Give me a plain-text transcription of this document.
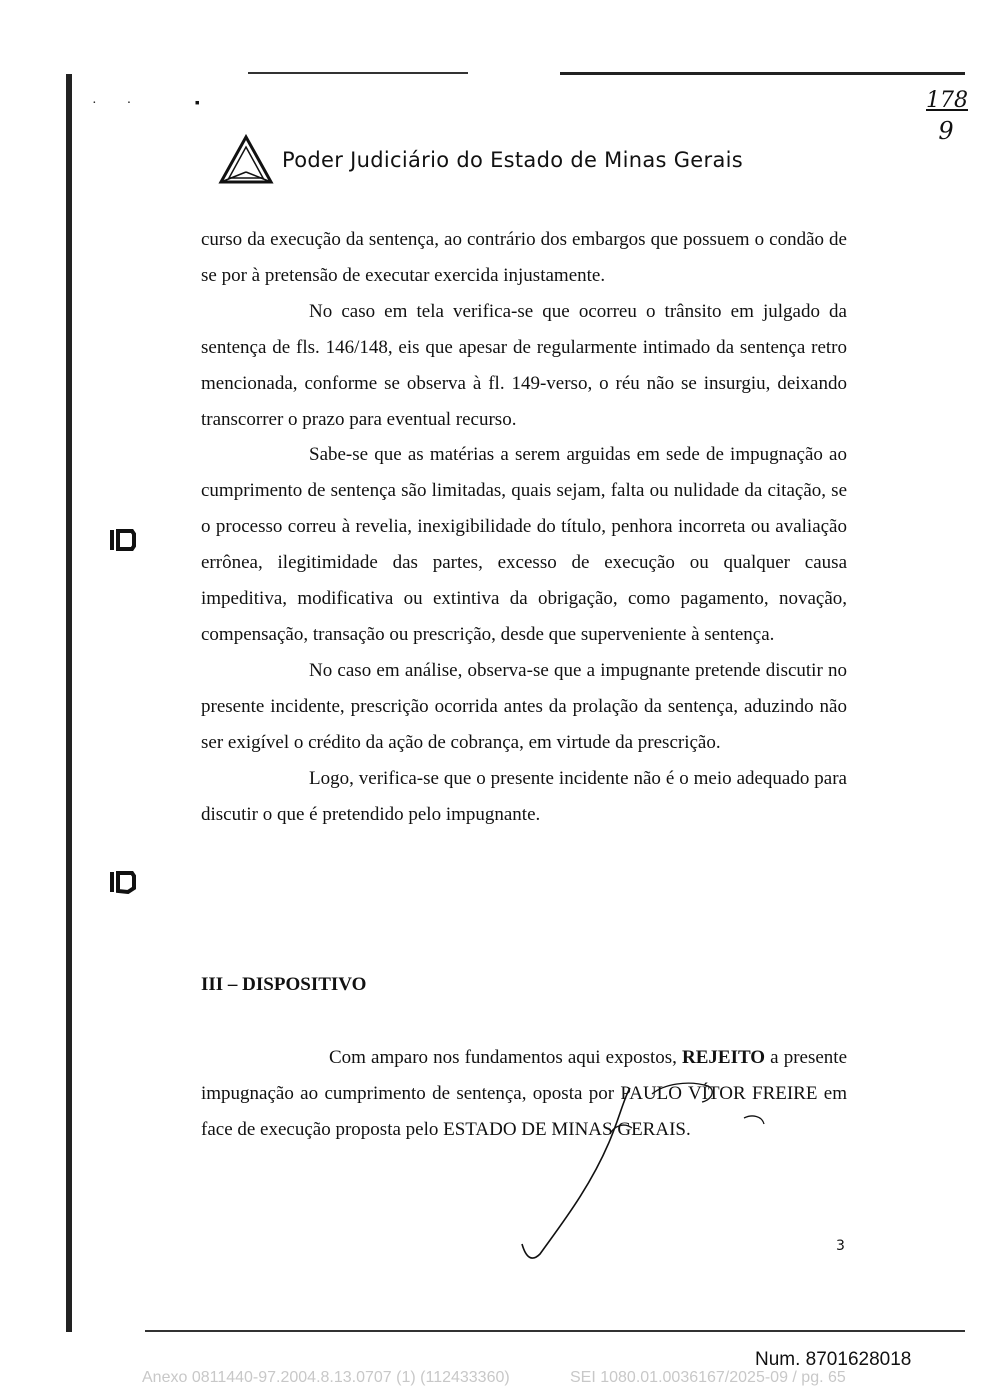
·· ▪
Poder Judiciário do Estado de Minas Gerais
178
9

curso da execução da sentença, ao contrário dos embargos que possuem o condão de se por à pretensão de executar exercida injustamente.

No caso em tela verifica-se que ocorreu o trânsito em julgado da sentença de fls. 146/148, eis que apesar de regularmente intimado da sentença retro mencionada, conforme se observa à fl. 149-verso, o réu não se insurgiu, deixando transcorrer o prazo para eventual recurso.

Sabe-se que as matérias a serem arguidas em sede de impugnação ao cumprimento de sentença são limitadas, quais sejam, falta ou nulidade da citação, se o processo correu à revelia, inexigibilidade do título, penhora incorreta ou avaliação errônea, ilegitimidade das partes, excesso de execução ou qualquer causa impeditiva, modificativa ou extintiva da obrigação, como pagamento, novação, compensação, transação ou prescrição, desde que superveniente à sentença.

No caso em análise, observa-se que a impugnante pretende discutir no presente incidente, prescrição ocorrida antes da prolação da sentença, aduzindo não ser exigível o crédito da ação de cobrança, em virtude da prescrição.

Logo, verifica-se que o presente incidente não é o meio adequado para discutir o que é pretendido pelo impugnante.

III – DISPOSITIVO

Com amparo nos fundamentos aqui expostos, REJEITO a presente impugnação ao cumprimento de sentença, oposta por PAULO VÍTOR FREIRE em face de execução proposta pelo ESTADO DE MINAS GERAIS.

3
Num. 8701628018
Anexo 0811440-97.2004.8.13.0707 (1) (112433360)	SEI 1080.01.0036167/2025-09 / pg. 65
